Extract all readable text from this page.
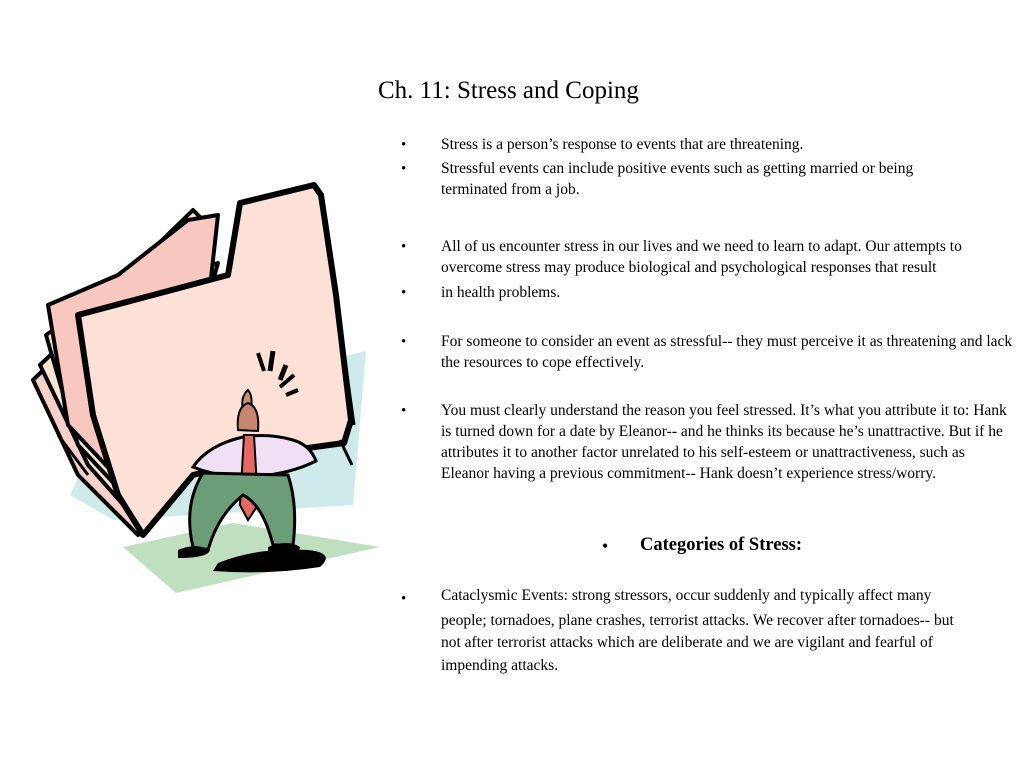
Ch. 11: Stress and Coping
• Stress is a person’s response to events that are threatening.
• Stressful events can include positive events such as getting married or being terminated from a job.
• All of us encounter stress in our lives and we need to learn to adapt. Our attempts to overcome stress may produce biological and psychological responses that result
• in health problems.
• For someone to consider an event as stressful-- they must perceive it as threatening and lack the resources to cope effectively.
• You must clearly understand the reason you feel stressed. It’s what you attribute it to: Hank is turned down for a date by Eleanor-- and he thinks its because he’s unattractive. But if he attributes it to another factor unrelated to his self-esteem or unattractiveness, such as Eleanor having a previous commitment-- Hank doesn’t experience stress/worry.
• Categories of Stress:
• Cataclysmic Events: strong stressors, occur suddenly and typically affect many
people; tornadoes, plane crashes, terrorist attacks. We recover after tornadoes-- but
not after terrorist attacks which are deliberate and we are vigilant and fearful of
impending attacks.
